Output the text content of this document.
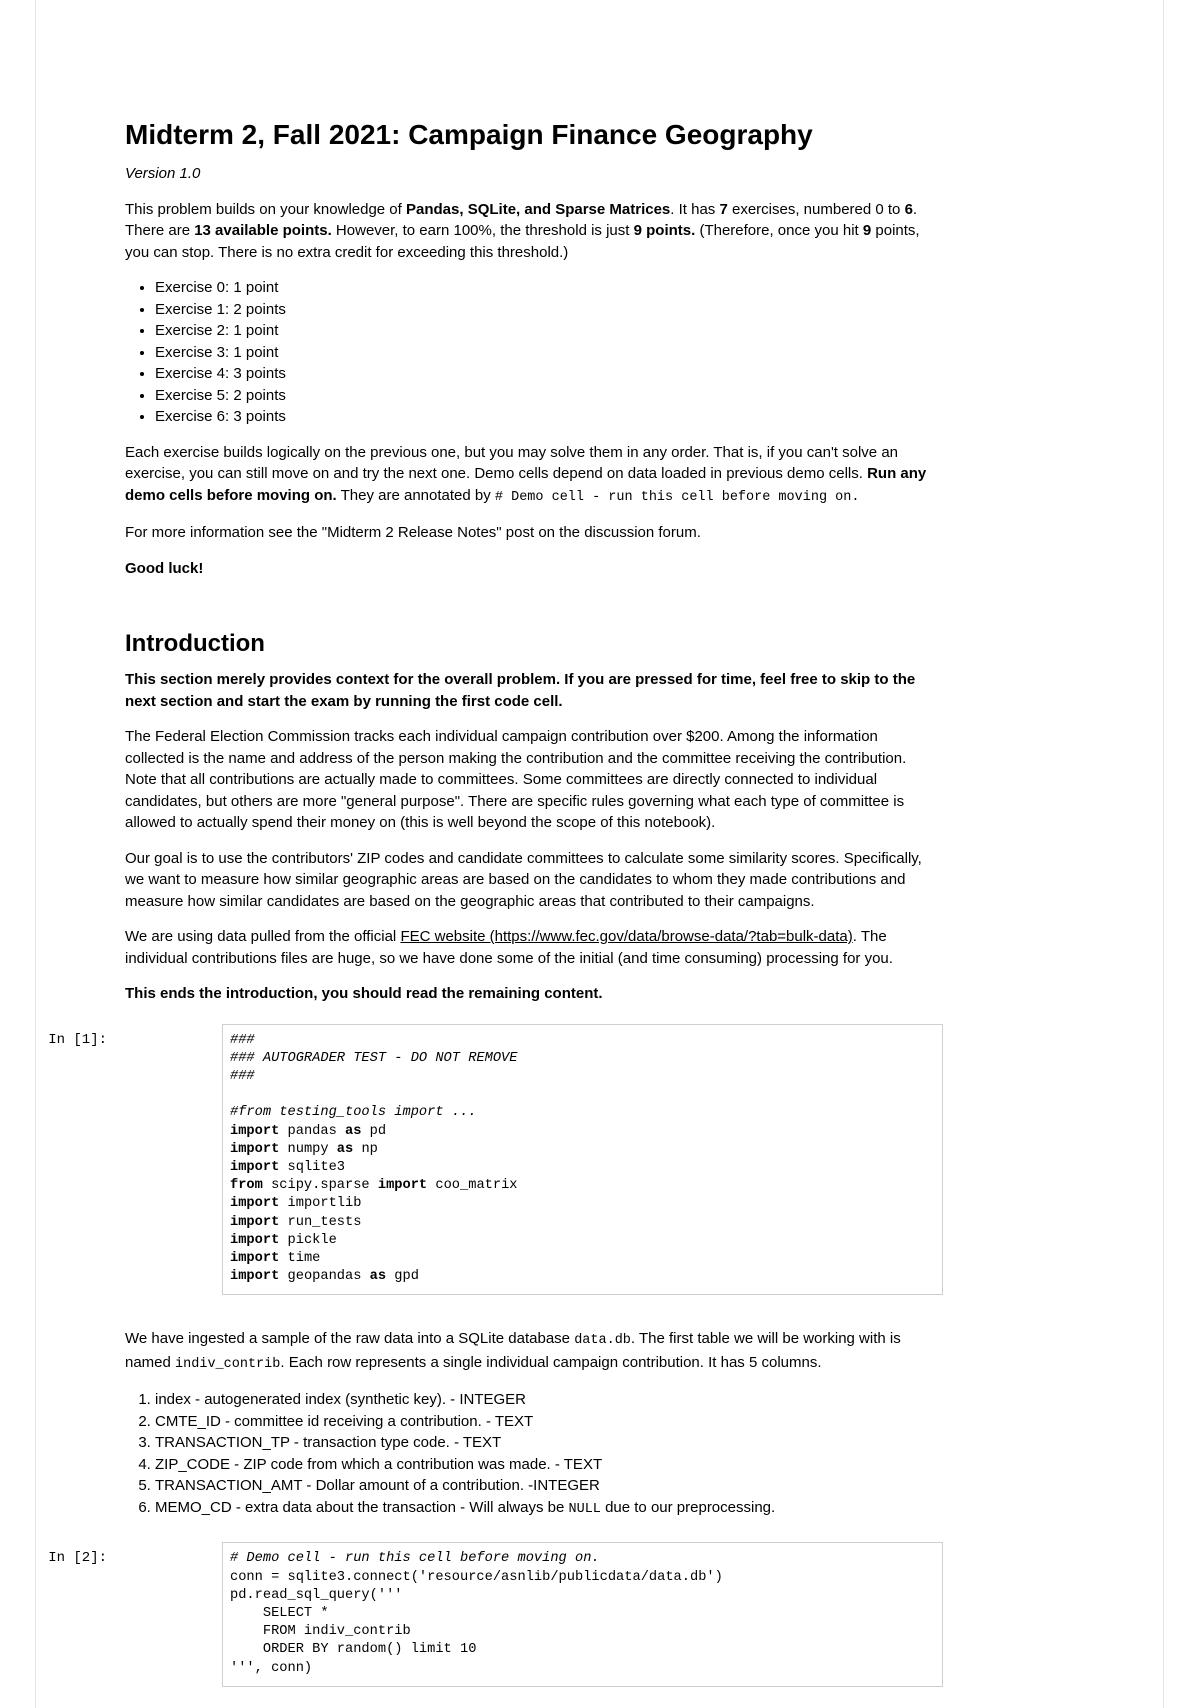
Midterm 2, Fall 2021: Campaign Finance Geography

Version 1.0

This problem builds on your knowledge of Pandas, SQLite, and Sparse Matrices. It has 7 exercises, numbered 0 to 6. There are 13 available points. However, to earn 100%, the threshold is just 9 points. (Therefore, once you hit 9 points, you can stop. There is no extra credit for exceeding this threshold.)

• Exercise 0: 1 point
• Exercise 1: 2 points
• Exercise 2: 1 point
• Exercise 3: 1 point
• Exercise 4: 3 points
• Exercise 5: 2 points
• Exercise 6: 3 points

Each exercise builds logically on the previous one, but you may solve them in any order. That is, if you can't solve an exercise, you can still move on and try the next one. Demo cells depend on data loaded in previous demo cells. Run any demo cells before moving on. They are annotated by # Demo cell - run this cell before moving on.

For more information see the "Midterm 2 Release Notes" post on the discussion forum.

Good luck!

Introduction

This section merely provides context for the overall problem. If you are pressed for time, feel free to skip to the next section and start the exam by running the first code cell.

The Federal Election Commission tracks each individual campaign contribution over $200. Among the information collected is the name and address of the person making the contribution and the committee receiving the contribution. Note that all contributions are actually made to committees. Some committees are directly connected to individual candidates, but others are more "general purpose". There are specific rules governing what each type of committee is allowed to actually spend their money on (this is well beyond the scope of this notebook).

Our goal is to use the contributors' ZIP codes and candidate committees to calculate some similarity scores. Specifically, we want to measure how similar geographic areas are based on the candidates to whom they made contributions and measure how similar candidates are based on the geographic areas that contributed to their campaigns.

We are using data pulled from the official FEC website (https://www.fec.gov/data/browse-data/?tab=bulk-data). The individual contributions files are huge, so we have done some of the initial (and time consuming) processing for you.

This ends the introduction, you should read the remaining content.

In [1]:	###
### AUTOGRADER TEST - DO NOT REMOVE
###

#from testing_tools import ...
import pandas as pd
import numpy as np
import sqlite3
from scipy.sparse import coo_matrix
import importlib
import run_tests
import pickle
import time
import geopandas as gpd

We have ingested a sample of the raw data into a SQLite database data.db. The first table we will be working with is named indiv_contrib. Each row represents a single individual campaign contribution. It has 5 columns.

1. index - autogenerated index (synthetic key). - INTEGER
2. CMTE_ID - committee id receiving a contribution. - TEXT
3. TRANSACTION_TP - transaction type code. - TEXT
4. ZIP_CODE - ZIP code from which a contribution was made. - TEXT
5. TRANSACTION_AMT - Dollar amount of a contribution. -INTEGER
6. MEMO_CD - extra data about the transaction - Will always be NULL due to our preprocessing.
In [2]:	# Demo cell - run this cell before moving on.
conn = sqlite3.connect('resource/asnlib/publicdata/data.db')
pd.read_sql_query('''
SELECT *
FROM indiv_contrib
ORDER BY random() limit 10
''', conn)
